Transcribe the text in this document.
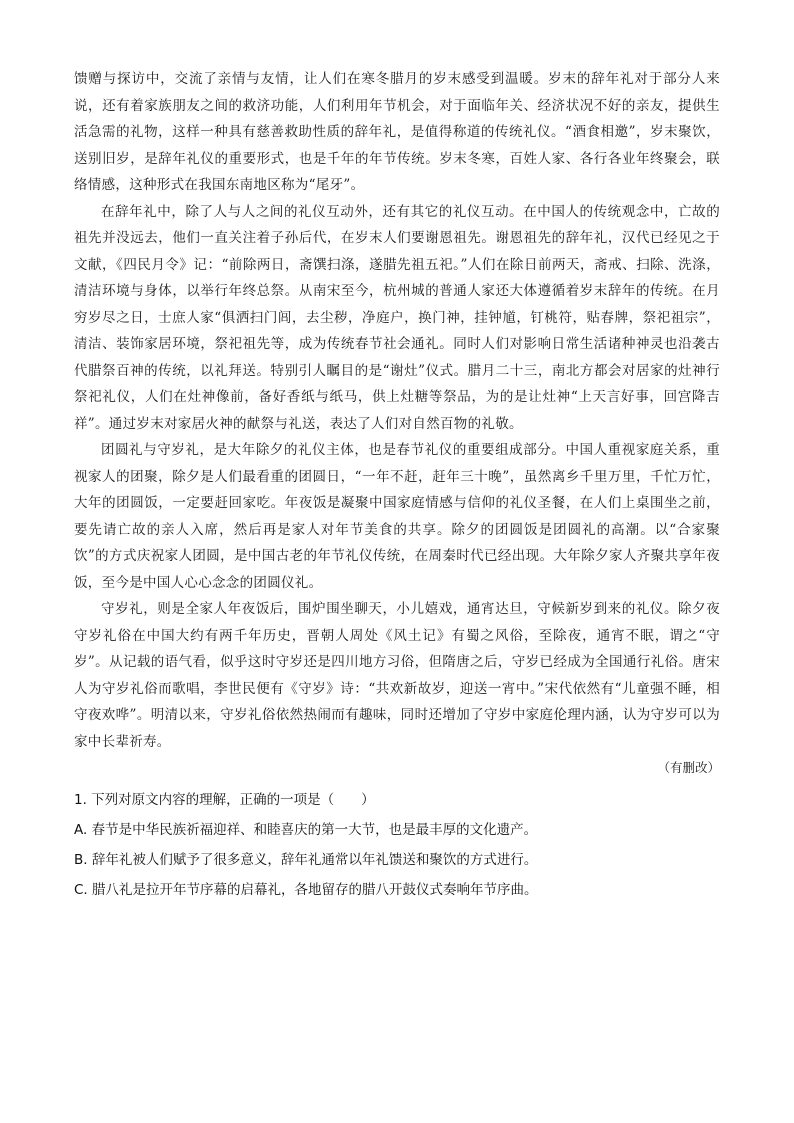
馈赠与探访中，交流了亲情与友情，让人们在寒冬腊月的岁末感受到温暖。岁末的辞年礼对于部分人来说，还有着家族朋友之间的救济功能，人们利用年节机会，对于面临年关、经济状况不好的亲友，提供生活急需的礼物，这样一种具有慈善救助性质的辞年礼，是值得称道的传统礼仪。“酒食相邀”，岁末聚饮，送别旧岁，是辞年礼仪的重要形式，也是千年的年节传统。岁末冬寒，百姓人家、各行各业年终聚会，联络情感，这种形式在我国东南地区称为“尾牙”。

在辞年礼中，除了人与人之间的礼仪互动外，还有其它的礼仪互动。在中国人的传统观念中，亡故的祖先并没远去，他们一直关注着子孙后代，在岁末人们要谢恩祖先。谢恩祖先的辞年礼，汉代已经见之于文献，《四民月令》记：“前除两日，斋馔扫涤，遂腊先祖五祀。”人们在除日前两天，斋戒、扫除、洗涤，清洁环境与身体，以举行年终总祭。从南宋至今，杭州城的普通人家还大体遵循着岁末辞年的传统。在月穷岁尽之日，士庶人家“俱洒扫门闾，去尘秽，净庭户，换门神，挂钟馗，钉桃符，贴春牌，祭祀祖宗”，清洁、装饰家居环境，祭祀祖先等，成为传统春节社会通礼。同时人们对影响日常生活诸种神灵也沿袭古代腊祭百神的传统，以礼拜送。特别引人瞩目的是“谢灶”仪式。腊月二十三，南北方都会对居家的灶神行祭祀礼仪，人们在灶神像前，备好香纸与纸马，供上灶糖等祭品，为的是让灶神“上天言好事，回宫降吉祥”。通过岁末对家居火神的献祭与礼送，表达了人们对自然百物的礼敬。

团圆礼与守岁礼，是大年除夕的礼仪主体，也是春节礼仪的重要组成部分。中国人重视家庭关系，重视家人的团聚，除夕是人们最看重的团圆日，“一年不赶，赶年三十晚”，虽然离乡千里万里，千忙万忙，大年的团圆饭，一定要赶回家吃。年夜饭是凝聚中国家庭情感与信仰的礼仪圣餐，在人们上桌围坐之前，要先请亡故的亲人入席，然后再是家人对年节美食的共享。除夕的团圆饭是团圆礼的高潮。以“合家聚饮”的方式庆祝家人团圆，是中国古老的年节礼仪传统，在周秦时代已经出现。大年除夕家人齐聚共享年夜饭，至今是中国人心心念念的团圆仪礼。

守岁礼，则是全家人年夜饭后，围炉围坐聊天，小儿嬉戏，通宵达旦，守候新岁到来的礼仪。除夕夜守岁礼俗在中国大约有两千年历史，晋朝人周处《风土记》有蜀之风俗，至除夜，通宵不眠，谓之“守岁”。从记载的语气看，似乎这时守岁还是四川地方习俗，但隋唐之后，守岁已经成为全国通行礼俗。唐宋人为守岁礼俗而歌唱，李世民便有《守岁》诗：“共欢新故岁，迎送一宵中。”宋代依然有“儿童强不睡，相守夜欢哗”。明清以来，守岁礼俗依然热闹而有趣味，同时还增加了守岁中家庭伦理内涵，认为守岁可以为家中长辈祈寿。

（有删改）

1. 下列对原文内容的理解，正确的一项是（　　）

A. 春节是中华民族祈福迎祥、和睦喜庆的第一大节，也是最丰厚的文化遗产。

B. 辞年礼被人们赋予了很多意义，辞年礼通常以年礼馈送和聚饮的方式进行。

C. 腊八礼是拉开年节序幕的启幕礼，各地留存的腊八开鼓仪式奏响年节序曲。
